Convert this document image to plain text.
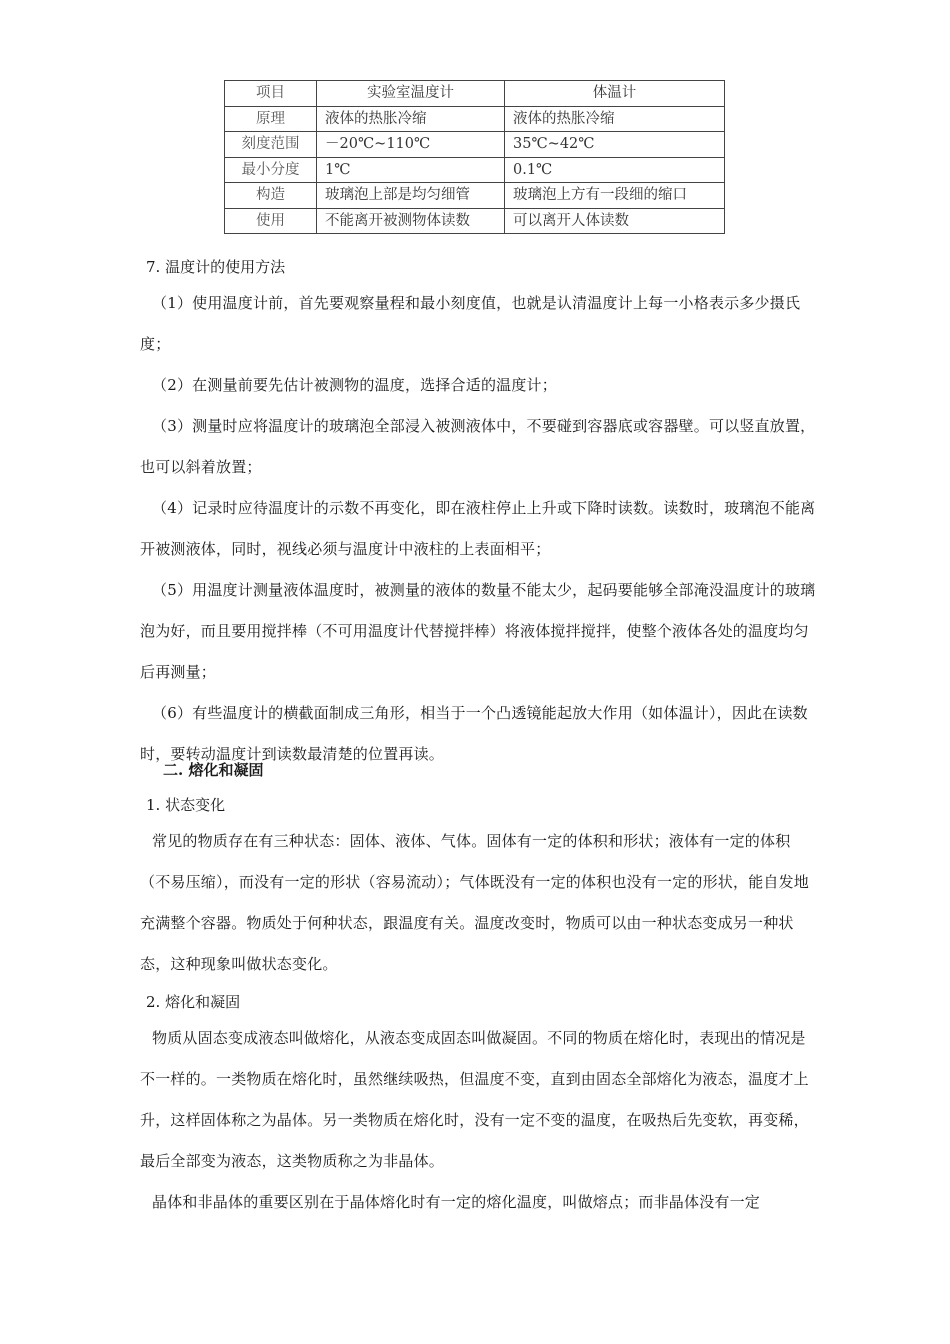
项目	实验室温度计	体温计
原理	液体的热胀冷缩	液体的热胀冷缩
刻度范围	－20℃~110℃	35℃~42℃
最小分度	1℃	0.1℃
构造	玻璃泡上部是均匀细管	玻璃泡上方有一段细的缩口
使用	不能离开被测物体读数	可以离开人体读数
7. 温度计的使用方法

（1）使用温度计前，首先要观察量程和最小刻度值，也就是认清温度计上每一小格表示多少摄氏度；

（2）在测量前要先估计被测物的温度，选择合适的温度计；

（3）测量时应将温度计的玻璃泡全部浸入被测液体中，不要碰到容器底或容器壁。可以竖直放置，也可以斜着放置；

（4）记录时应待温度计的示数不再变化，即在液柱停止上升或下降时读数。读数时，玻璃泡不能离开被测液体，同时，视线必须与温度计中液柱的上表面相平；

（5）用温度计测量液体温度时，被测量的液体的数量不能太少，起码要能够全部淹没温度计的玻璃泡为好，而且要用搅拌棒（不可用温度计代替搅拌棒）将液体搅拌搅拌，使整个液体各处的温度均匀后再测量；

（6）有些温度计的横截面制成三角形，相当于一个凸透镜能起放大作用（如体温计），因此在读数时，要转动温度计到读数最清楚的位置再读。

二. 熔化和凝固
1. 状态变化

常见的物质存在有三种状态：固体、液体、气体。固体有一定的体积和形状；液体有一定的体积（不易压缩），而没有一定的形状（容易流动）；气体既没有一定的体积也没有一定的形状，能自发地充满整个容器。物质处于何种状态，跟温度有关。温度改变时，物质可以由一种状态变成另一种状态，这种现象叫做状态变化。

2. 熔化和凝固

物质从固态变成液态叫做熔化，从液态变成固态叫做凝固。不同的物质在熔化时，表现出的情况是不一样的。一类物质在熔化时，虽然继续吸热，但温度不变，直到由固态全部熔化为液态，温度才上升，这样固体称之为晶体。另一类物质在熔化时，没有一定不变的温度，在吸热后先变软，再变稀，最后全部变为液态，这类物质称之为非晶体。

晶体和非晶体的重要区别在于晶体熔化时有一定的熔化温度，叫做熔点；而非晶体没有一定
